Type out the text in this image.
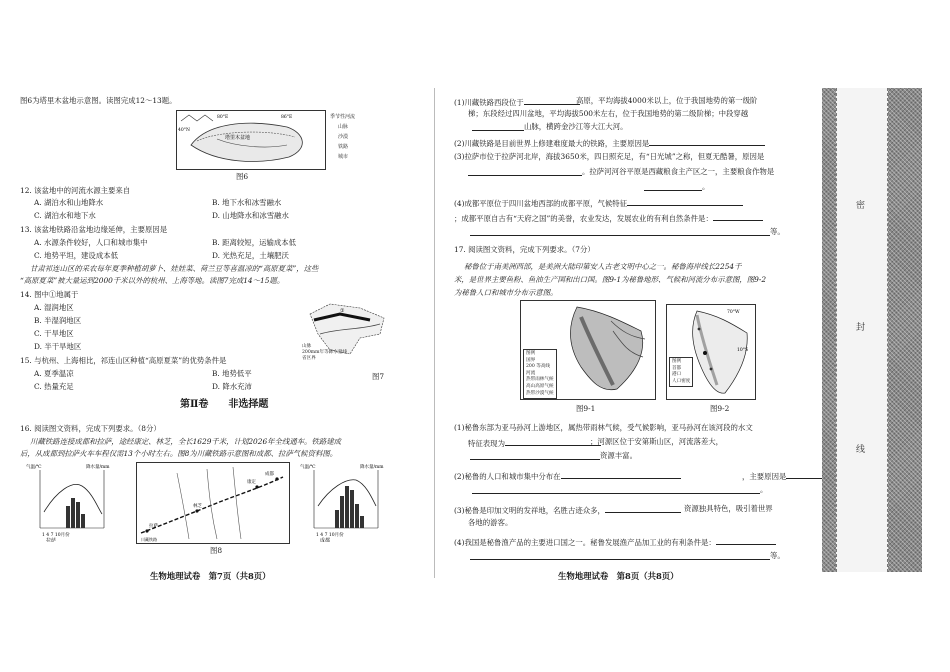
图6为塔里木盆地示意图。读图完成12～13题。
12. 该盆地中的河流水源主要来自
A. 湖泊水和山地降水	B. 地下水和冰雪融水
C. 湖泊水和地下水	D. 山地降水和冰雪融水
13. 该盆地铁路沿盆地边缘延伸，主要原因是
A. 水源条件较好，人口和城市集中	B. 距离较短，运输成本低
C. 地势平坦，建设成本低	D. 光热充足，土壤肥沃
甘肃祁连山区的采农每年夏季种植胡萝卜、娃娃菜、荷兰豆等喜温凉的“高原夏菜”，这些
“高原夏菜”被大量运到2000千米以外的杭州、上海等地。读图7完成14～15题。
14. 图中①地属于
A. 湿润地区
B. 半湿润地区
C. 干旱地区
D. 半干旱地区
15. 与杭州、上海相比，祁连山区种植“高原夏菜”的优势条件是
A. 夏季温凉	B. 地势低平
C. 热量充足	D. 降水充沛
16. 阅读图文资料，完成下列要求。（8分）
川藏铁路连接成都和拉萨，途经康定、林芝，全长1629千米，计划2026年全线通车。铁路建成
后，从成都到拉萨火车车程仅需13个小时左右。图8为川藏铁路示意图和成都、拉萨气候资料图。
塔里木盆地
80°E	86°E
40°N
季节性河流
山脉
沙漠
铁路
城市
图6
①
山脉
200mm年等降水量线
省区界
图7
第Ⅱ卷　　非选择题
气温/℃	降水量/mm
1 4 7 10月份
拉萨
拉萨
林芝
康定
成都
川藏铁路
气温/℃	降水量/mm
1 4 7 10月份
成都
图8
生物地理试卷　第7页（共8页）
(1)川藏铁路西段位于	高原，平均海拔4000米以上，位于我国地势的第一级阶
梯；东段经过四川盆地，平均海拔500米左右，位于我国地势的第二级阶梯；中段穿越
山脉，横跨金沙江等大江大河。
(2)川藏铁路是目前世界上修建难度最大的铁路，主要原因是
(3)拉萨市位于拉萨河北岸，海拔3650米，四日照充足，有“日光城”之称，但夏无酷暑，原因是
。拉萨河河谷平原是西藏粮食主产区之一，主要粮食作物是
。
(4)成都平原位于四川盆地西部的成都平原，气候特征
；成都平原自古有“天府之国”的美誉，农业发达，发展农业的有利自然条件是：
等。
17. 阅读图文资料，完成下列要求。（7分）
秘鲁位于南美洲西部，是美洲大陆印第安人古老文明中心之一。秘鲁海岸线长2254千
米，是世界主要鱼粉、鱼油生产国和出口国。图9-1为秘鲁地形、气候和河流分布示意图，图9-2
为秘鲁人口和城市分布示意图。
(1)秘鲁东部为亚马孙河上游地区，属热带雨林气候，受气候影响，亚马孙河在该河段的水文
特征表现为	；河源区位于安第斯山区，河流落差大，
资源丰富。
(2)秘鲁的人口和城市集中分布在	，主要原因是
。
(3)秘鲁是印加文明的发祥地，名胜古迹众多，	资源独具特色，吸引着世界
各地的游客。
(4)我国是秘鲁渔产品的主要进口国之一。秘鲁发展渔产品加工业的有利条件是：
等。
图例
国界
200 等高线
河流
热带雨林气候
高山高原气候
热带沙漠气候
图9-1
70°W
10°S
图例
首都
港口
人口密度
图9-2
生物地理试卷　第8页（共8页）
密
封
线
